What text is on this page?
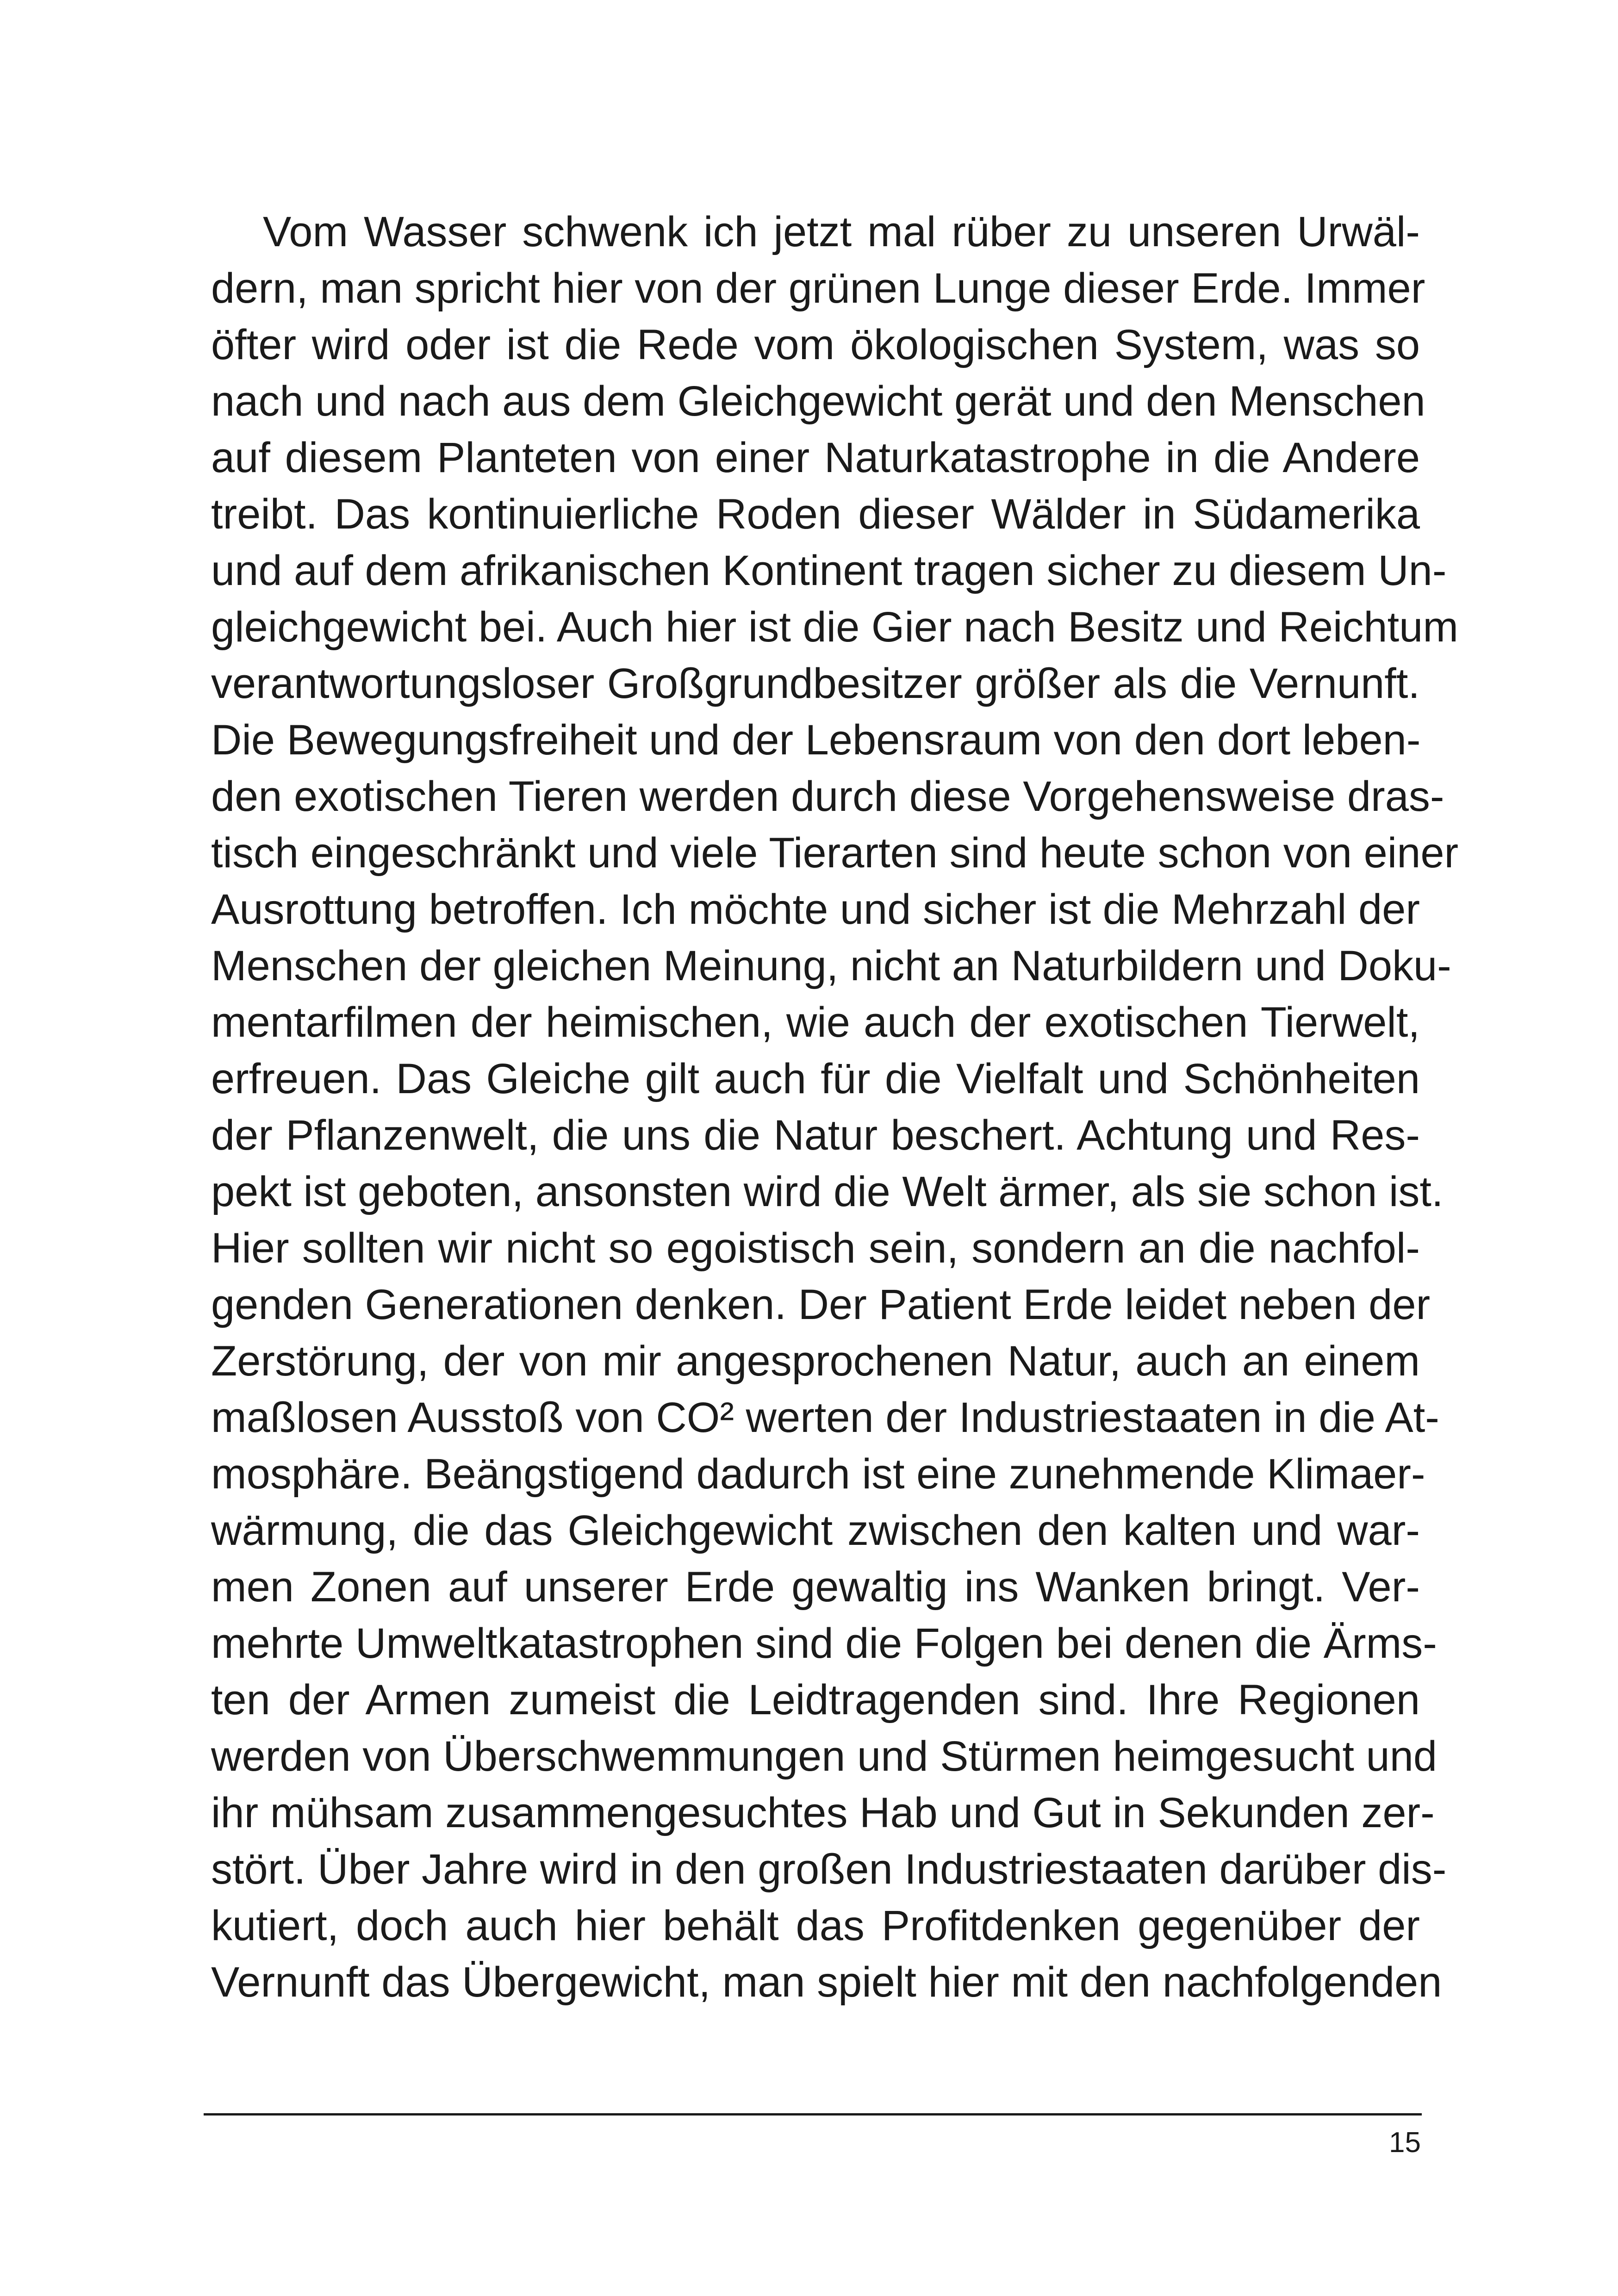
Vom Wasser schwenk ich jetzt mal rüber zu unseren Urwäl-
dern, man spricht hier von der grünen Lunge dieser Erde. Immer
öfter wird oder ist die Rede vom ökologischen System, was so
nach und nach aus dem Gleichgewicht gerät und den Menschen
auf diesem Planteten von einer Naturkatastrophe in die Andere
treibt. Das kontinuierliche Roden dieser Wälder in Südamerika
und auf dem afrikanischen Kontinent tragen sicher zu diesem Un-
gleichgewicht bei. Auch hier ist die Gier nach Besitz und Reichtum
verantwortungsloser Großgrundbesitzer größer als die Vernunft.
Die Bewegungsfreiheit und der Lebensraum von den dort leben-
den exotischen Tieren werden durch diese Vorgehensweise dras-
tisch eingeschränkt und viele Tierarten sind heute schon von einer
Ausrottung betroffen. Ich möchte und sicher ist die Mehrzahl der
Menschen der gleichen Meinung, nicht an Naturbildern und Doku-
mentarfilmen der heimischen, wie auch der exotischen Tierwelt,
erfreuen. Das Gleiche gilt auch für die Vielfalt und Schönheiten
der Pflanzenwelt, die uns die Natur beschert. Achtung und Res-
pekt ist geboten, ansonsten wird die Welt ärmer, als sie schon ist.
Hier sollten wir nicht so egoistisch sein, sondern an die nachfol-
genden Generationen denken. Der Patient Erde leidet neben der
Zerstörung, der von mir angesprochenen Natur, auch an einem
maßlosen Ausstoß von CO² werten der Industriestaaten in die At-
mosphäre. Beängstigend dadurch ist eine zunehmende Klimaer-
wärmung, die das Gleichgewicht zwischen den kalten und war-
men Zonen auf unserer Erde gewaltig ins Wanken bringt. Ver-
mehrte Umweltkatastrophen sind die Folgen bei denen die Ärms-
ten der Armen zumeist die Leidtragenden sind. Ihre Regionen
werden von Überschwemmungen und Stürmen heimgesucht und
ihr mühsam zusammengesuchtes Hab und Gut in Sekunden zer-
stört. Über Jahre wird in den großen Industriestaaten darüber dis-
kutiert, doch auch hier behält das Profitdenken gegenüber der
Vernunft das Übergewicht, man spielt hier mit den nachfolgenden
15
